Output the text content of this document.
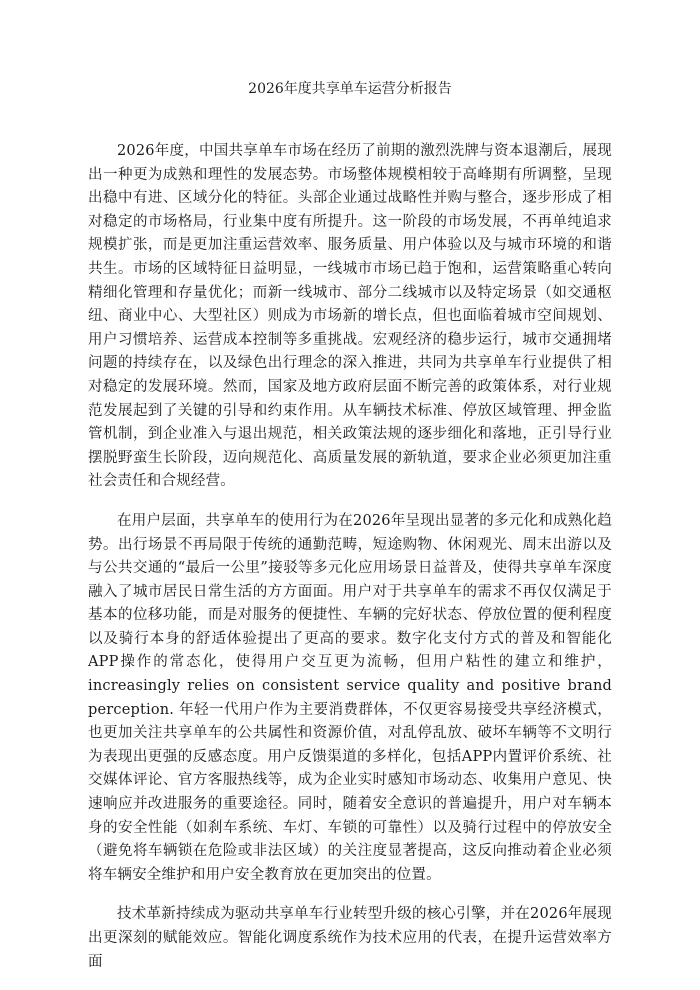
2026年度共享单车运营分析报告

2026年度，中国共享单车市场在经历了前期的激烈洗牌与资本退潮后，展现出一种更为成熟和理性的发展态势。市场整体规模相较于高峰期有所调整，呈现出稳中有进、区域分化的特征。头部企业通过战略性并购与整合，逐步形成了相对稳定的市场格局，行业集中度有所提升。这一阶段的市场发展，不再单纯追求规模扩张，而是更加注重运营效率、服务质量、用户体验以及与城市环境的和谐共生。市场的区域特征日益明显，一线城市市场已趋于饱和，运营策略重心转向精细化管理和存量优化；而新一线城市、部分二线城市以及特定场景（如交通枢纽、商业中心、大型社区）则成为市场新的增长点，但也面临着城市空间规划、用户习惯培养、运营成本控制等多重挑战。宏观经济的稳步运行，城市交通拥堵问题的持续存在，以及绿色出行理念的深入推进，共同为共享单车行业提供了相对稳定的发展环境。然而，国家及地方政府层面不断完善的政策体系，对行业规范发展起到了关键的引导和约束作用。从车辆技术标准、停放区域管理、押金监管机制，到企业准入与退出规范，相关政策法规的逐步细化和落地，正引导行业摆脱野蛮生长阶段，迈向规范化、高质量发展的新轨道，要求企业必须更加注重社会责任和合规经营。

在用户层面，共享单车的使用行为在2026年呈现出显著的多元化和成熟化趋势。出行场景不再局限于传统的通勤范畴，短途购物、休闲观光、周末出游以及与公共交通的“最后一公里”接驳等多元化应用场景日益普及，使得共享单车深度融入了城市居民日常生活的方方面面。用户对于共享单车的需求不再仅仅满足于基本的位移功能，而是对服务的便捷性、车辆的完好状态、停放位置的便利程度以及骑行本身的舒适体验提出了更高的要求。数字化支付方式的普及和智能化APP操作的常态化，使得用户交互更为流畅，但用户粘性的建立和维护， increasingly relies on consistent service quality and positive brand perception. 年轻一代用户作为主要消费群体，不仅更容易接受共享经济模式，也更加关注共享单车的公共属性和资源价值，对乱停乱放、破坏车辆等不文明行为表现出更强的反感态度。用户反馈渠道的多样化，包括APP内置评价系统、社交媒体评论、官方客服热线等，成为企业实时感知市场动态、收集用户意见、快速响应并改进服务的重要途径。同时，随着安全意识的普遍提升，用户对车辆本身的安全性能（如刹车系统、车灯、车锁的可靠性）以及骑行过程中的停放安全（避免将车辆锁在危险或非法区域）的关注度显著提高，这反向推动着企业必须将车辆安全维护和用户安全教育放在更加突出的位置。

技术革新持续成为驱动共享单车行业转型升级的核心引擎，并在2026年展现出更深刻的赋能效应。智能化调度系统作为技术应用的代表，在提升运营效率方面
